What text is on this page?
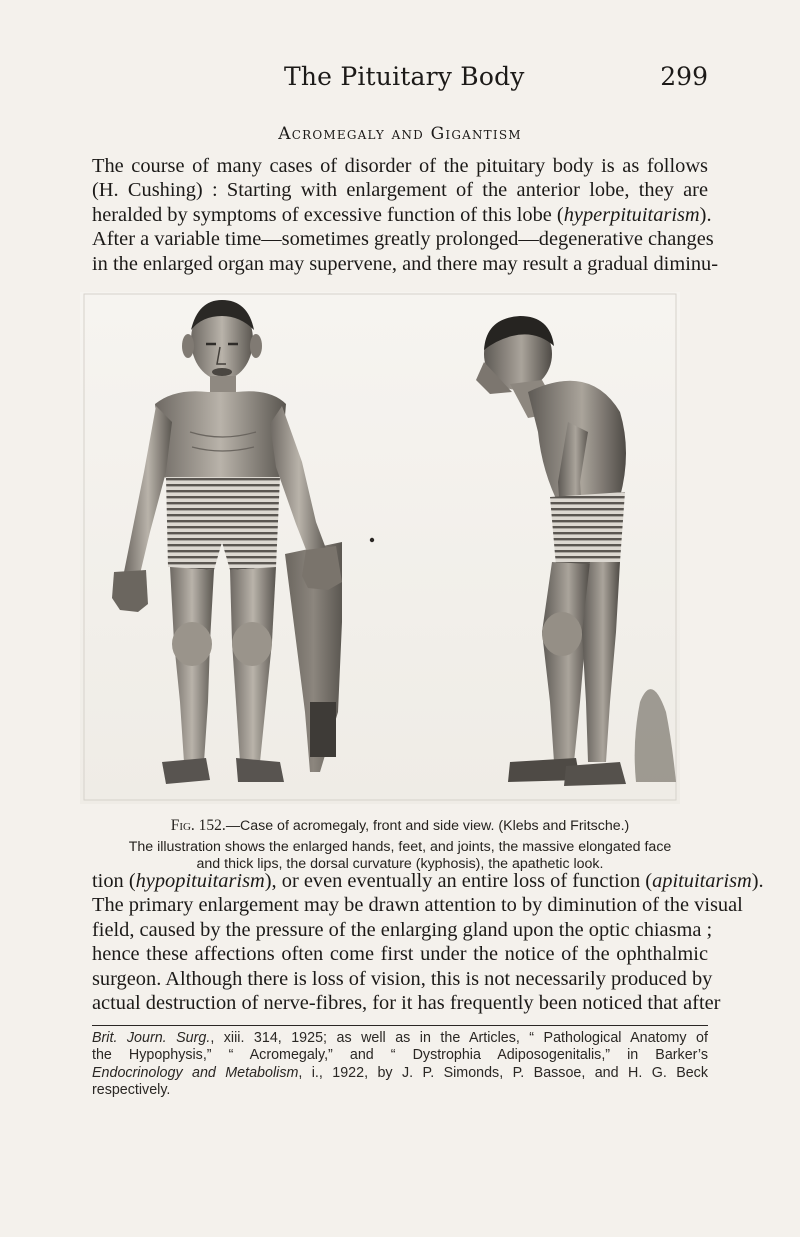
The Pituitary Body	299
Acromegaly and Gigantism
The course of many cases of disorder of the pituitary body is as follows
(H. Cushing) : Starting with enlargement of the anterior lobe, they are
heralded by symptoms of excessive function of this lobe (hyperpituitarism).
After a variable time—sometimes greatly prolonged—degenerative changes
in the enlarged organ may supervene, and there may result a gradual diminu-
Fig. 152.—Case of acromegaly, front and side view. (Klebs and Fritsche.)
The illustration shows the enlarged hands, feet, and joints, the massive elongated face
and thick lips, the dorsal curvature (kyphosis), the apathetic look.
tion (hypopituitarism), or even eventually an entire loss of function (apituitarism).
The primary enlargement may be drawn attention to by diminution of the visual
field, caused by the pressure of the enlarging gland upon the optic chiasma ;
hence these affections often come first under the notice of the ophthalmic
surgeon. Although there is loss of vision, this is not necessarily produced by
actual destruction of nerve-fibres, for it has frequently been noticed that after
Brit. Journ. Surg., xiii. 314, 1925; as well as in the Articles, “ Pathological Anatomy of
the Hypophysis,” “ Acromegaly,” and “ Dystrophia Adiposogenitalis,” in Barker’s
Endocrinology and Metabolism, i., 1922, by J. P. Simonds, P. Bassoe, and H. G. Beck
respectively.
